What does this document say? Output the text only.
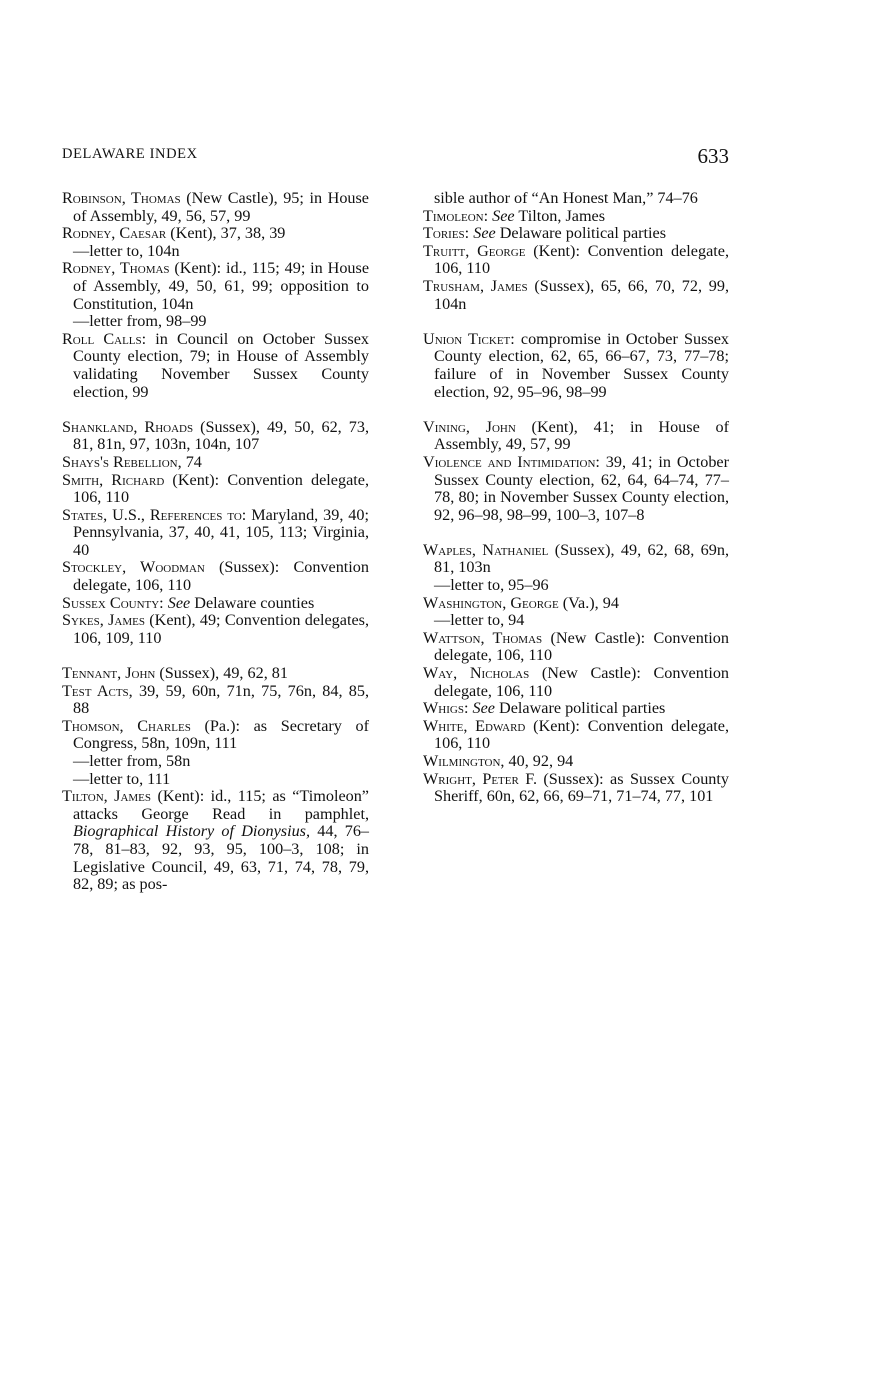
DELAWARE INDEX	633

Robinson, Thomas (New Castle), 95; in House of Assembly, 49, 56, 57, 99

Rodney, Caesar (Kent), 37, 38, 39

—letter to, 104n

Rodney, Thomas (Kent): id., 115; 49; in House of Assembly, 49, 50, 61, 99; opposition to Constitution, 104n

—letter from, 98–99

Roll Calls: in Council on October Sussex County election, 79; in House of Assembly validating November Sussex County election, 99

Shankland, Rhoads (Sussex), 49, 50, 62, 73, 81, 81n, 97, 103n, 104n, 107

Shays's Rebellion, 74

Smith, Richard (Kent): Convention delegate, 106, 110

States, U.S., References to: Maryland, 39, 40; Pennsylvania, 37, 40, 41, 105, 113; Virginia, 40

Stockley, Woodman (Sussex): Convention delegate, 106, 110

Sussex County: See Delaware counties

Sykes, James (Kent), 49; Convention delegates, 106, 109, 110

Tennant, John (Sussex), 49, 62, 81

Test Acts, 39, 59, 60n, 71n, 75, 76n, 84, 85, 88

Thomson, Charles (Pa.): as Secretary of Congress, 58n, 109n, 111

—letter from, 58n

—letter to, 111

Tilton, James (Kent): id., 115; as “Timoleon” attacks George Read in pamphlet, Biographical History of Dionysius, 44, 76–78, 81–83, 92, 93, 95, 100–3, 108; in Legislative Council, 49, 63, 71, 74, 78, 79, 82, 89; as pos-

sible author of “An Honest Man,” 74–76

Timoleon: See Tilton, James

Tories: See Delaware political parties

Truitt, George (Kent): Convention delegate, 106, 110

Trusham, James (Sussex), 65, 66, 70, 72, 99, 104n

Union Ticket: compromise in October Sussex County election, 62, 65, 66–67, 73, 77–78; failure of in November Sussex County election, 92, 95–96, 98–99

Vining, John (Kent), 41; in House of Assembly, 49, 57, 99

Violence and Intimidation: 39, 41; in October Sussex County election, 62, 64, 64–74, 77–78, 80; in November Sussex County election, 92, 96–98, 98–99, 100–3, 107–8

Waples, Nathaniel (Sussex), 49, 62, 68, 69n, 81, 103n

—letter to, 95–96

Washington, George (Va.), 94

—letter to, 94

Wattson, Thomas (New Castle): Convention delegate, 106, 110

Way, Nicholas (New Castle): Convention delegate, 106, 110

Whigs: See Delaware political parties

White, Edward (Kent): Convention delegate, 106, 110

Wilmington, 40, 92, 94

Wright, Peter F. (Sussex): as Sussex County Sheriff, 60n, 62, 66, 69–71, 71–74, 77, 101
